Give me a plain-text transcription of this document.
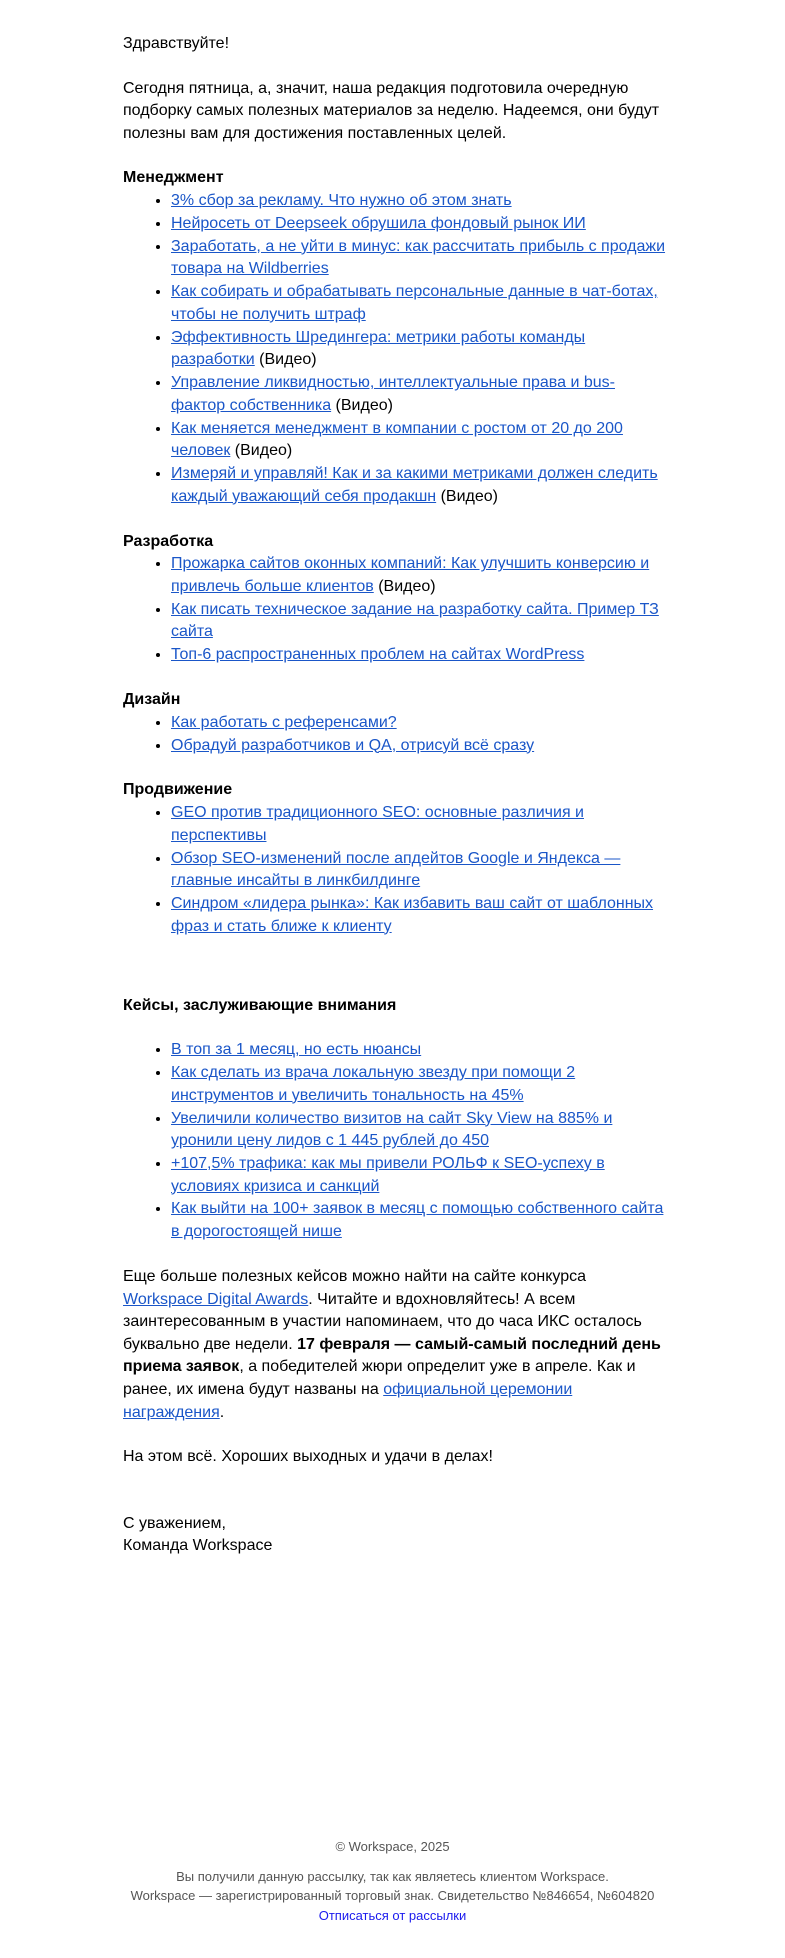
Здравствуйте!

Сегодня пятница, а, значит, наша редакция подготовила очередную подборку самых полезных материалов за неделю. Надеемся, они будут полезны вам для достижения поставленных целей.

Менеджмент

• 3% сбор за рекламу. Что нужно об этом знать
• Нейросеть от Deepseek обрушила фондовый рынок ИИ
• Заработать, а не уйти в минус: как рассчитать прибыль с продажи товара на Wildberries
• Как собирать и обрабатывать персональные данные в чат-ботах, чтобы не получить штраф
• Эффективность Шредингера: метрики работы команды разработки (Видео)
• Управление ликвидностью, интеллектуальные права и bus-фактор собственника (Видео)
• Как меняется менеджмент в компании с ростом от 20 до 200 человек (Видео)
• Измеряй и управляй! Как и за какими метриками должен следить каждый уважающий себя продакшн (Видео)

Разработка

• Прожарка сайтов оконных компаний: Как улучшить конверсию и привлечь больше клиентов (Видео)
• Как писать техническое задание на разработку сайта. Пример ТЗ сайта
• Топ-6 распространенных проблем на сайтах WordPress

Дизайн

• Как работать с референсами?
• Обрадуй разработчиков и QA, отрисуй всё сразу

Продвижение

• GEO против традиционного SEO: основные различия и перспективы
• Обзор SEO-изменений после апдейтов Google и Яндекса — главные инсайты в линкбилдинге
• Синдром «лидера рынка»: Как избавить ваш сайт от шаблонных фраз и стать ближе к клиенту

Кейсы, заслуживающие внимания

• В топ за 1 месяц, но есть нюансы
• Как сделать из врача локальную звезду при помощи 2 инструментов и увеличить тональность на 45%
• Увеличили количество визитов на сайт Sky View на 885% и уронили цену лидов с 1 445 рублей до 450
• +107,5% трафика: как мы привели РОЛЬФ к SEO-успеху в условиях кризиса и санкций
• Как выйти на 100+ заявок в месяц с помощью собственного сайта в дорогостоящей нише

Еще больше полезных кейсов можно найти на сайте конкурса Workspace Digital Awards. Читайте и вдохновляйтесь! А всем заинтересованным в участии напоминаем, что до часа ИКС осталось буквально две недели. 17 февраля — самый-самый последний день приема заявок, а победителей жюри определит уже в апреле. Как и ранее, их имена будут названы на официальной церемонии награждения.

На этом всё. Хороших выходных и удачи в делах!

С уважением,

Команда Workspace

© Workspace, 2025
Вы получили данную рассылку, так как являетесь клиентом Workspace.
Workspace — зарегистрированный торговый знак. Свидетельство №846654, №604820
Отписаться от рассылки
